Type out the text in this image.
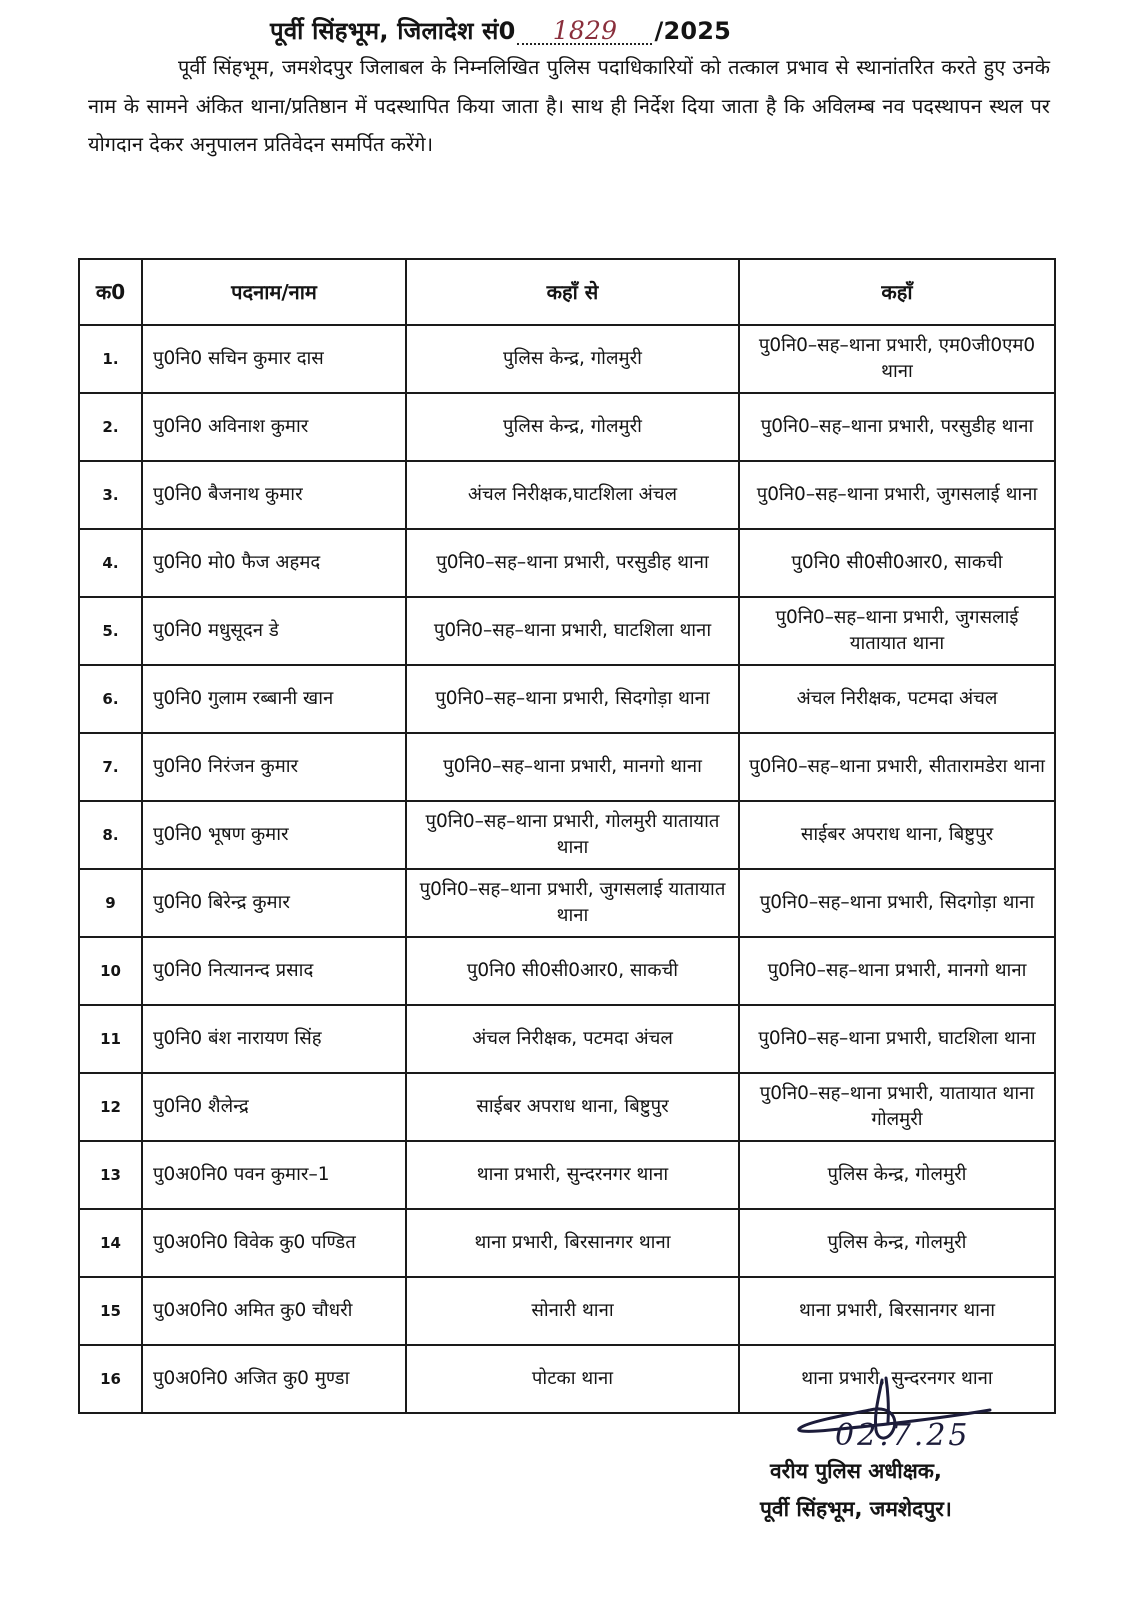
पूर्वी सिंहभूम, जिलादेश सं0 1829 /2025
पूर्वी सिंहभूम, जमशेदपुर जिलाबल के निम्नलिखित पुलिस पदाधिकारियों को तत्काल प्रभाव से स्थानांतरित करते हुए उनके नाम के सामने अंकित थाना/प्रतिष्ठान में पदस्थापित किया जाता है। साथ ही निर्देश दिया जाता है कि अविलम्ब नव पदस्थापन स्थल पर योगदान देकर अनुपालन प्रतिवेदन समर्पित करेंगे।
क0	पदनाम/नाम	कहाँ से	कहाँ
1.	पु0नि0 सचिन कुमार दास	पुलिस केन्द्र, गोलमुरी	पु0नि0–सह–थाना प्रभारी, एम0जी0एम0 थाना
2.	पु0नि0 अविनाश कुमार	पुलिस केन्द्र, गोलमुरी	पु0नि0–सह–थाना प्रभारी, परसुडीह थाना
3.	पु0नि0 बैजनाथ कुमार	अंचल निरीक्षक,घाटशिला अंचल	पु0नि0–सह–थाना प्रभारी, जुगसलाई थाना
4.	पु0नि0 मो0 फैज अहमद	पु0नि0–सह–थाना प्रभारी, परसुडीह थाना	पु0नि0 सी0सी0आर0, साकची
5.	पु0नि0 मधुसूदन डे	पु0नि0–सह–थाना प्रभारी, घाटशिला थाना	पु0नि0–सह–थाना प्रभारी, जुगसलाई यातायात थाना
6.	पु0नि0 गुलाम रब्बानी खान	पु0नि0–सह–थाना प्रभारी, सिदगोड़ा थाना	अंचल निरीक्षक, पटमदा अंचल
7.	पु0नि0 निरंजन कुमार	पु0नि0–सह–थाना प्रभारी, मानगो थाना	पु0नि0–सह–थाना प्रभारी, सीतारामडेरा थाना
8.	पु0नि0 भूषण कुमार	पु0नि0–सह–थाना प्रभारी, गोलमुरी यातायात थाना	साईबर अपराध थाना, बिष्टुपुर
9	पु0नि0 बिरेन्द्र कुमार	पु0नि0–सह–थाना प्रभारी, जुगसलाई यातायात थाना	पु0नि0–सह–थाना प्रभारी, सिदगोड़ा थाना
10	पु0नि0 नित्यानन्द प्रसाद	पु0नि0 सी0सी0आर0, साकची	पु0नि0–सह–थाना प्रभारी, मानगो थाना
11	पु0नि0 बंश नारायण सिंह	अंचल निरीक्षक, पटमदा अंचल	पु0नि0–सह–थाना प्रभारी, घाटशिला थाना
12	पु0नि0 शैलेन्द्र	साईबर अपराध थाना, बिष्टुपुर	पु0नि0–सह–थाना प्रभारी, यातायात थाना गोलमुरी
13	पु0अ0नि0 पवन कुमार–1	थाना प्रभारी, सुन्दरनगर थाना	पुलिस केन्द्र, गोलमुरी
14	पु0अ0नि0 विवेक कु0 पण्डित	थाना प्रभारी, बिरसानगर थाना	पुलिस केन्द्र, गोलमुरी
15	पु0अ0नि0 अमित कु0 चौधरी	सोनारी थाना	थाना प्रभारी, बिरसानगर थाना
16	पु0अ0नि0 अजित कु0 मुण्डा	पोटका थाना	थाना प्रभारी, सुन्दरनगर थाना
02.7.25
वरीय पुलिस अधीक्षक,
पूर्वी सिंहभूम, जमशेदपुर।
